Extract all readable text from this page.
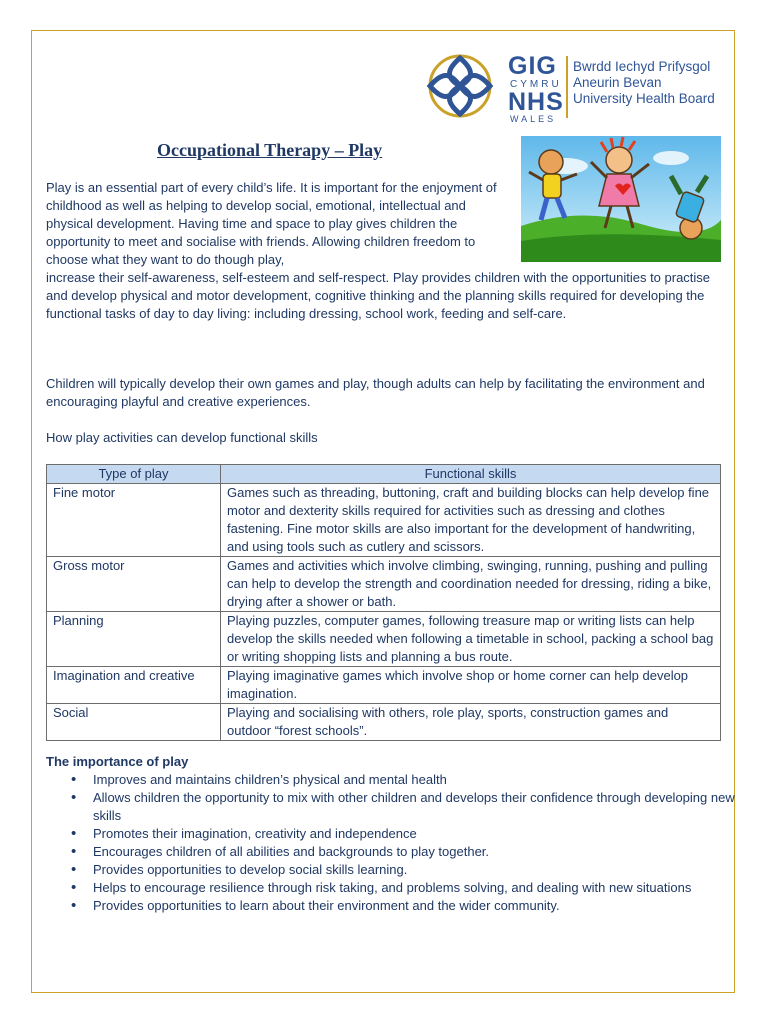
GIG
CYMRU
NHS
WALES
Bwrdd Iechyd Prifysgol
Aneurin Bevan
University Health Board
Occupational Therapy – Play
Play is an essential part of every child’s life. It is important for the enjoyment of childhood as well as helping to develop social, emotional, intellectual and physical development. Having time and space to play gives children the opportunity to meet and socialise with friends. Allowing children freedom to choose what they want to do though play,
increase their self-awareness, self-esteem and self-respect. Play provides children with the opportunities to practise and develop physical and motor development, cognitive thinking and the planning skills required for developing the functional tasks of day to day living: including dressing, school work, feeding and self-care.
Children will typically develop their own games and play, though adults can help by facilitating the environment and encouraging playful and creative experiences.
How play activities can develop functional skills
Type of play	Functional skills
Fine motor	Games such as threading, buttoning, craft and building blocks can help develop fine motor and dexterity skills required for activities such as dressing and clothes fastening. Fine motor skills are also important for the development of handwriting, and using tools such as cutlery and scissors.
Gross motor	Games and activities which involve climbing, swinging, running, pushing and pulling can help to develop the strength and coordination needed for dressing, riding a bike, drying after a shower or bath.
Planning	Playing puzzles, computer games, following treasure map or writing lists can help develop the skills needed when following a timetable in school, packing a school bag or writing shopping lists and planning a bus route.
Imagination and creative	Playing imaginative games which involve shop or home corner can help develop imagination.
Social	Playing and socialising with others, role play, sports, construction games and outdoor “forest schools”.
The importance of play
• Improves and maintains children’s physical and mental health
• Allows children the opportunity to mix with other children and develops their confidence through developing new skills
• Promotes their imagination, creativity and independence
• Encourages children of all abilities and backgrounds to play together.
• Provides opportunities to develop social skills learning.
• Helps to encourage resilience through risk taking, and problems solving, and dealing with new situations
• Provides opportunities to learn about their environment and the wider community.
